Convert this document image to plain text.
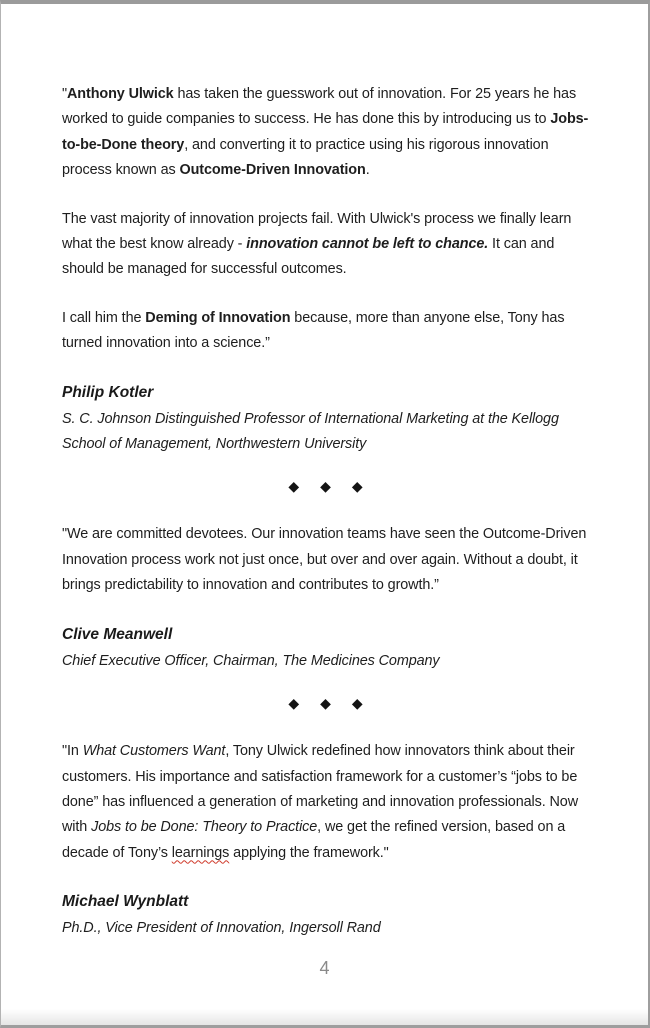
"Anthony Ulwick has taken the guesswork out of innovation. For 25 years he has worked to guide companies to success. He has done this by introducing us to Jobs-to-be-Done theory, and converting it to practice using his rigorous innovation process known as Outcome-Driven Innovation.

The vast majority of innovation projects fail. With Ulwick's process we finally learn what the best know already - innovation cannot be left to chance. It can and should be managed for successful outcomes.

I call him the Deming of Innovation because, more than anyone else, Tony has turned innovation into a science.”

Philip Kotler

S. C. Johnson Distinguished Professor of International Marketing at the Kellogg School of Management, Northwestern University

◆ ◆ ◆

"We are committed devotees. Our innovation teams have seen the Outcome-Driven Innovation process work not just once, but over and over again. Without a doubt, it brings predictability to innovation and contributes to growth.”

Clive Meanwell

Chief Executive Officer, Chairman, The Medicines Company

◆ ◆ ◆

"In What Customers Want, Tony Ulwick redefined how innovators think about their customers. His importance and satisfaction framework for a customer’s “jobs to be done” has influenced a generation of marketing and innovation professionals. Now with Jobs to be Done: Theory to Practice, we get the refined version, based on a decade of Tony’s learnings applying the framework."

Michael Wynblatt

Ph.D., Vice President of Innovation, Ingersoll Rand

4
